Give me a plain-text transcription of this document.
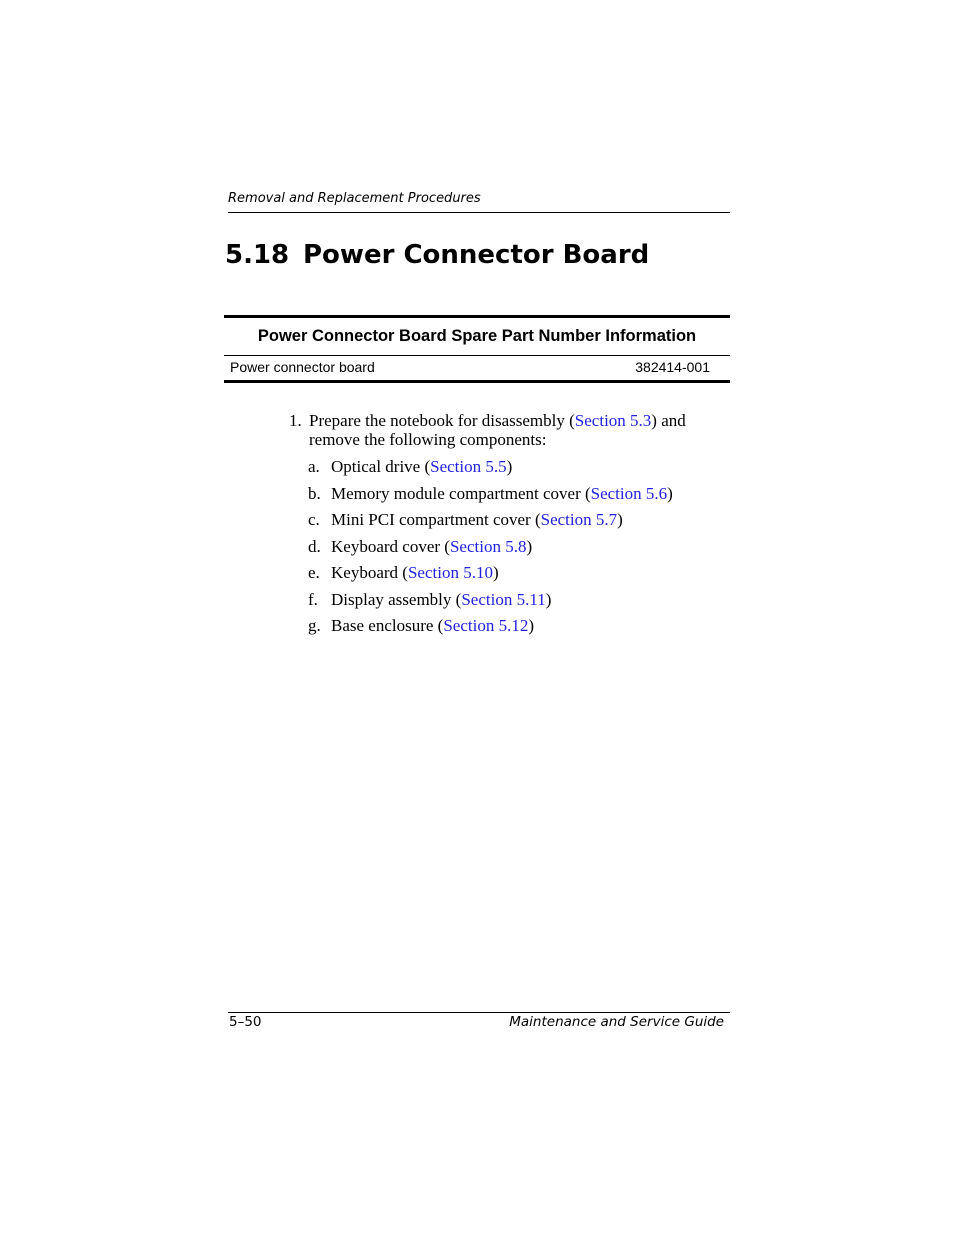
Removal and Replacement Procedures
5.18 Power Connector Board
Power Connector Board Spare Part Number Information
Power connector board	382414-001
1. Prepare the notebook for disassembly (Section 5.3) and remove the following components:
a. Optical drive (Section 5.5)
b. Memory module compartment cover (Section 5.6)
c. Mini PCI compartment cover (Section 5.7)
d. Keyboard cover (Section 5.8)
e. Keyboard (Section 5.10)
f. Display assembly (Section 5.11)
g. Base enclosure (Section 5.12)
5–50	Maintenance and Service Guide
